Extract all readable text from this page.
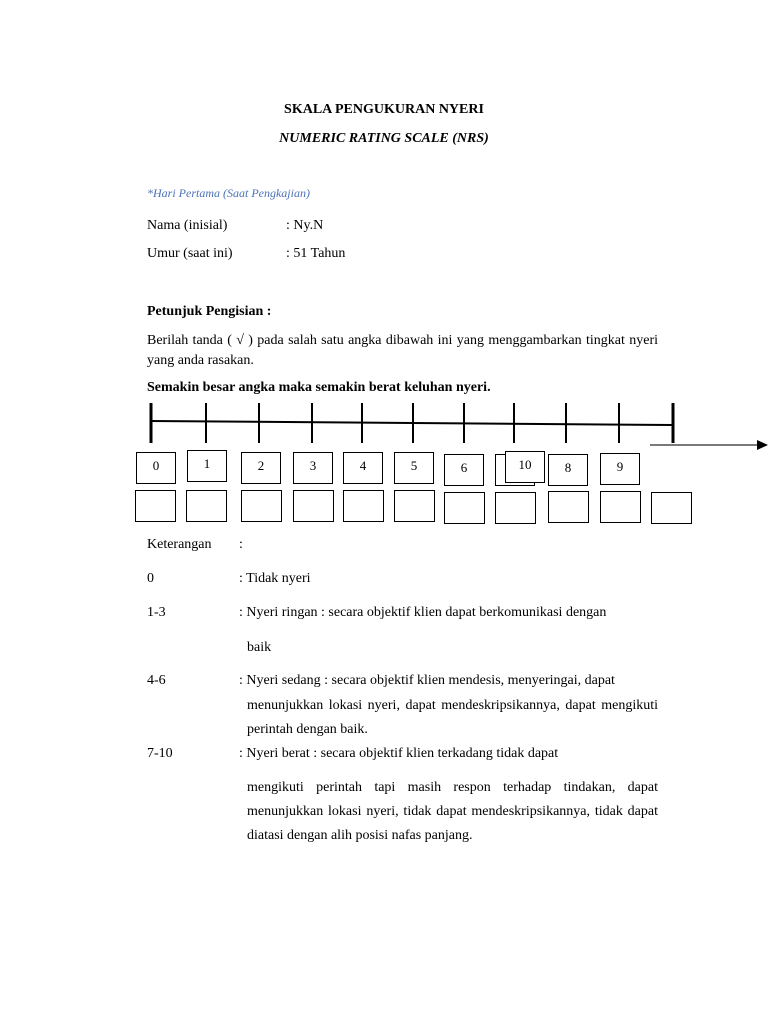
SKALA PENGUKURAN NYERI
NUMERIC RATING SCALE (NRS)
*Hari Pertama (Saat Pengkajian)
Nama (inisial)	: Ny.N
Umur (saat ini)	: 51 Tahun
Petunjuk Pengisian :
Berilah tanda ( √ ) pada salah satu angka dibawah ini yang menggambarkan tingkat nyeri yang anda rasakan.
Semakin besar angka maka semakin berat keluhan nyeri.
0	1	2	3	4	5	6	10	8	9
Keterangan :
0	: Tidak nyeri
1-3	: Nyeri ringan : secara objektif klien dapat berkomunikasi dengan
baik
4-6	: Nyeri sedang : secara objektif klien mendesis, menyeringai, dapat
menunjukkan lokasi nyeri, dapat mendeskripsikannya, dapat mengikuti perintah dengan baik.
7-10	: Nyeri berat : secara objektif klien terkadang tidak dapat
mengikuti perintah tapi masih respon terhadap tindakan, dapat menunjukkan lokasi nyeri, tidak dapat mendeskripsikannya, tidak dapat diatasi dengan alih posisi nafas panjang.
